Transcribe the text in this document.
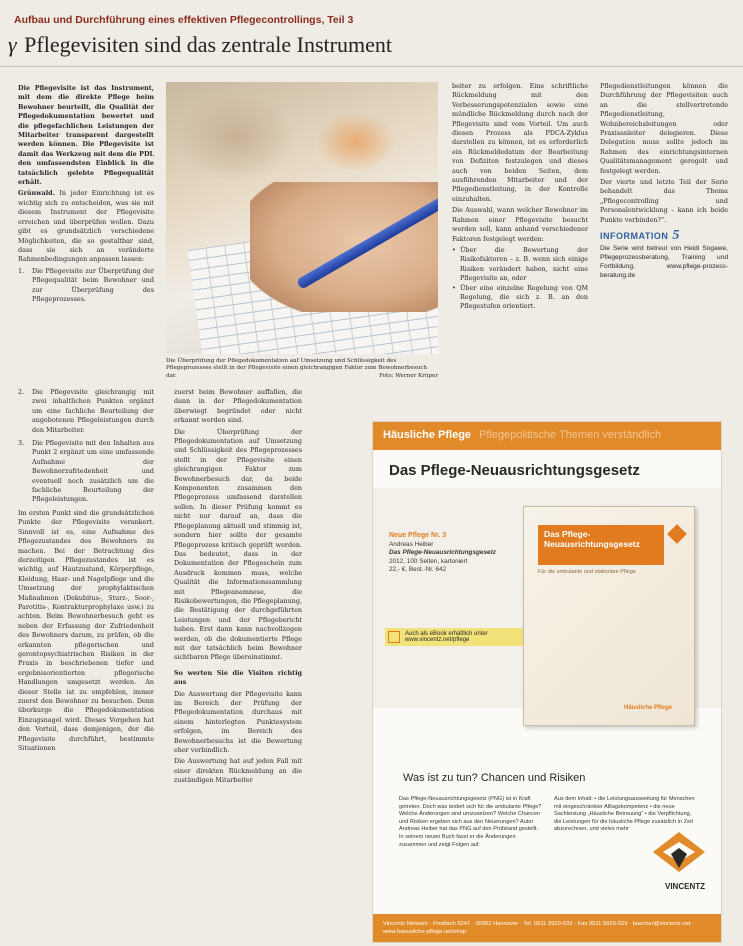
Aufbau und Durchführung eines effektiven Pflegecontrollings, Teil 3
γ Pflegevisiten sind das zentrale Instrument

Die Pflegevisite ist das Instrument, mit dem die direkte Pflege beim Bewohner beurteilt, die Qualität der Pflegedokumentation bewertet und die pflegefachlichen Leistungen der Mitarbeiter transparent dargestellt werden können. Die Pflegevisite ist damit das Werkzeug mit dem die PDL den umfassendsten Einblick in die tatsächlich gelebte Pflegequalität erhält.

Grünwald. In jeder Einrichtung ist es wichtig sich zu entscheiden, was sie mit diesem Instrument der Pflegevisite erreichen und überprüfen wollen. Dazu gibt es grundsätzlich verschiedene Möglichkeiten, die so gestaltbar sind, dass sie sich an veränderte Rahmenbedingungen anpassen lassen:

1.	Die Pflegevisite zur Überprüfung der Pflegequalität beim Bewohner und zur Überprüfung des Pflegeprozesses.
Die Überprüfung der Pflegedokumentation auf Umsetzung und Schlüssigkeit des Pflegeprozesses stellt in der Pflegevisite einen gleichrangigen Faktor zum Bewohnerbesuch dar.	Foto: Werner Krüper

beiter zu erfolgen. Eine schriftliche Rückmeldung mit den Verbesserungspotenzialen sowie eine mündliche Rückmeldung durch nach der Pflegevisite sind vom Vorteil. Um auch diesen Prozess als PDCA-Zyklus darstellen zu können, ist es erforderlich ein Rückmeldedatum der Bearbeitung von Defiziten festzulegen und dieses auch von beiden Seiten, dem ausführenden Mitarbeiter und der Pflegedienstleitung, in der Kontrolle einzuhalten.

Die Auswahl, wann welcher Bewohner im Rahmen einer Pflegevisite besucht werden soll, kann anhand verschiedener Faktoren festgelegt werden:

• Über die Bewertung der Risikofaktoren – z. B. wenn sich einige Risiken verändert haben, nicht eine Pflegevisite an, oder
• Über eine einzelne Regelung von QM Regelung, die sich z. B. an den Pflegestufen orientiert.

Pflegedienstleitungen können die Durchführung der Pflegevisiten auch an die stellvertretende Pflegedienstleitung, Wohnbereichsleitungen oder Praxisanleiter delegieren. Diese Delegation muss sollte jedoch im Rahmen des einrichtungsinternen Qualitätsmanagement geregelt und festgelegt werden.

Der vierte und letzte Teil der Serie behandelt das Thema „Pflegecontrolling und Personalentwicklung – kann ich beide Punkte verbinden?“.

INFORMATION 5
Die Serie wird betreut von Heidi Sogawe, Pflegeprozessberatung, Training und Fortbildung, www.pflege-prozess-beratung.de
2.	Die Pflegevisite gleichrangig mit zwei inhaltlichen Punkten ergänzt um eine fachliche Beurteilung der angebotenen Pflegeleistungen durch den Mitarbeiter.
3.	Die Pflegevisite mit den Inhalten aus Punkt 2 ergänzt um eine umfassende Aufnahme der Bewohnerzufriedenheit und eventuell noch zusätzlich um die fachliche Beurteilung der Pflegeleistungen.

Im ersten Punkt sind die grundsätzlichen Punkte der Pflegevisite verankert. Sinnvoll ist es, eine Aufnahme des Pflegezustandes des Bewohners zu machen. Bei der Betrachtung des derzeitigen Pflegezustandes ist es wichtig, auf Hautzustand, Körperpflege, Kleidung, Haar- und Nagelpflege und die Umsetzung der prophylaktischen Maßnahmen (Dekubitus-, Sturz-, Soor-, Parotitis-, Kontrakturprophylaxe usw.) zu achten. Beim Bewohnerbesuch geht es neben der Erfassung der Zufriedenheit des Bewohners darum, zu prüfen, ob die erkannten pflegerischen und gerontopsychiatrischen Risiken in der Praxis in beschriebenen tiefer und ergebnisorientierten pflegerische Handlungen umgesetzt werden. An dieser Stelle ist zu empfehlen, immer zuerst den Bewohner zu besuchen. Denn überkurge die Pflegedokumentation Einzugsnagel wird. Dieses Vorgehen hat den Vorteil, dass demjenigen, der die Pflegevisite durchführt, bestimmte Situationen

zuerst beim Bewohner auffallen, die dann in der Pflegedokumentation überwiegt begründet oder nicht erkannt werden sind.

Die Überprüfung der Pflegedokumentation auf Umsetzung und Schlüssigkeit des Pflegeprozesses stellt in der Pflegevisite einen gleichrangigen Faktor zum Bewohnerbesuch dar, da beide Komponenten zusammen den Pflegeprozess umfassend darstellen sollen. In dieser Prüfung kommt es nicht nur darauf an, dass die Pflegeplanung aktuell und stimmig ist, sondern hier sollte der gesamte Pflegeprozess kritisch geprüft werden. Das bedeutet, dass in der Dokumentation der Pflegeschein zum Ausdruck kommen muss, welche Qualität die Informationssammlung mit Pflegeanamnese, die Risikobewertungen, die Pflegeplanung, die Bestätigung der durchgeführten Leistungen und der Pflegebericht haben. Erst dann kann nachvollzogen werden, ob die dokumentierte Pflege mit der tatsächlich beim Bewohner sichtbaren Pflege übereinstimmt.

So werten Sie die Visiten richtig aus

Die Auswertung der Pflegevisite kann im Bereich der Prüfung der Pflegedokumentation durchaus mit einem hinterlegten Punktesystem erfolgen, im Bereich des Bewohnerbesuchs ist die Bewertung eher verbindlich.

Die Auswertung hat auf jeden Fall mit einer direkten Rückmeldung an die zuständigen Mitarbeiter

Häusliche Pflege Pflegepolitische Themen verständlich
Das Pflege-Neuausrichtungsgesetz
Neue Pflege Nr. 3
Andreas Heiber
Das Pflege-Neuausrichtungsgesetz
2012, 100 Seiten, kartoniert
22,- €, Best.-Nr. 642
Auch als eBook erhältlich unter www.vincentz.net/pflege
Das Pflege-Neuausrichtungsgesetz
Für die ambulante und stationäre Pflege
Häusliche Pflege
Was ist zu tun? Chancen und Risiken
Das Pflege-Neuausrichtungsgesetz (PNG) ist in Kraft getreten. Doch was ändert sich für die ambulante Pflege? Welche Änderungen sind umzusetzen? Welche Chancen und Risiken ergeben sich aus den Neuerungen? Autor Andreas Heiber hat das PNG auf den Prüfstand gestellt. In seinem neuen Buch fasst er die Änderungen zusammen und zeigt Folgen auf.
Aus dem Inhalt: • die Leistungsausweitung für Menschen mit eingeschränkter Alltagskompetenz • die neue Sachleistung „Häusliche Betreuung“ • die Verpflichtung, die Leistungen für die häusliche Pflege zusätzlich in Zeit abzurechnen, und vieles mehr
VINCENTZ
Vincentz Network · Postfach 6247 · 30062 Hannover · Tel. 0511 9910-033 · Fax 0511 9910-029 · buecher@vincentz.net · www.haeusliche-pflege.net/shop
